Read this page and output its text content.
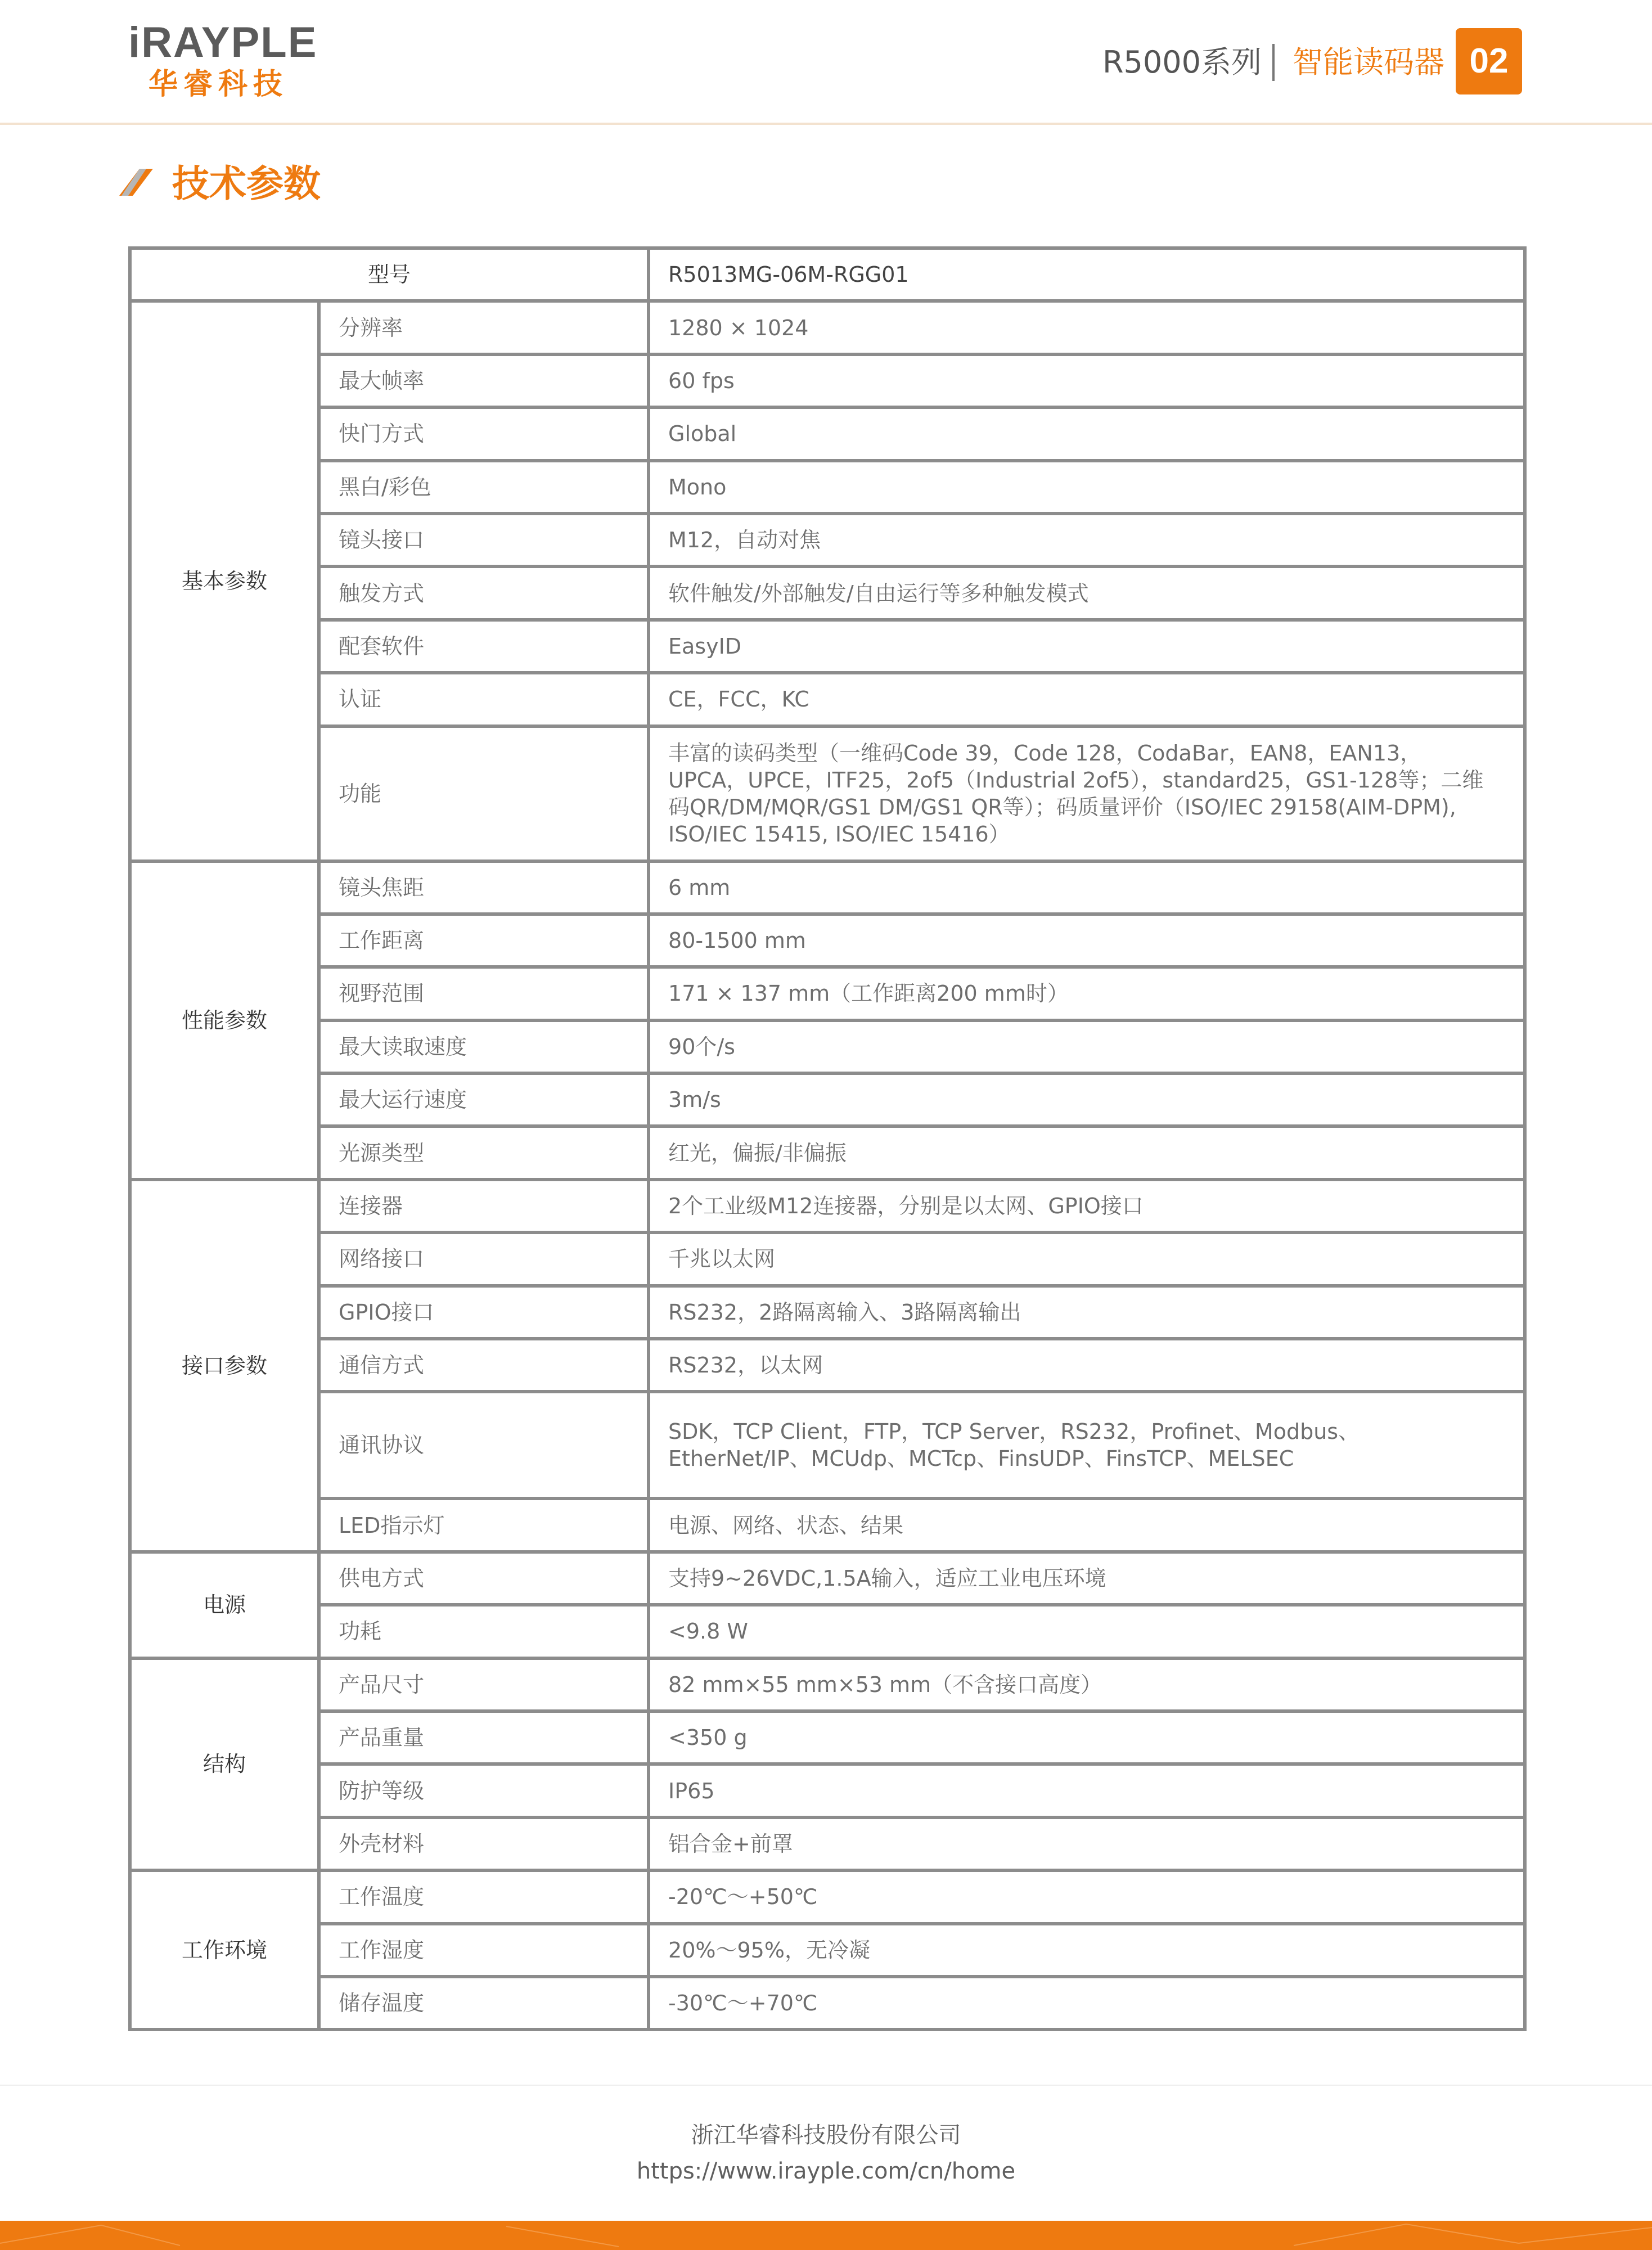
iRAYPLE
华睿科技
R5000系列 智能读码器 02
技术参数
型号		R5013MG-06M-RGG01
基本参数	分辨率	1280 × 1024
	最大帧率	60 fps
	快门方式	Global
	黑白/彩色	Mono
	镜头接口	M12，自动对焦
	触发方式	软件触发/外部触发/自由运行等多种触发模式
	配套软件	EasyID
	认证	CE，FCC，KC
	功能	丰富的读码类型（一维码Code 39，Code 128，CodaBar，EAN8，EAN13，UPCA，UPCE，ITF25，2of5（Industrial 2of5），standard25，GS1-128等；二维码QR/DM/MQR/GS1 DM/GS1 QR等）；码质量评价（ISO/IEC 29158(AIM-DPM), ISO/IEC 15415, ISO/IEC 15416）
性能参数	镜头焦距	6 mm
	工作距离	80-1500 mm
	视野范围	171 × 137 mm（工作距离200 mm时）
	最大读取速度	90个/s
	最大运行速度	3m/s
	光源类型	红光，偏振/非偏振
接口参数	连接器	2个工业级M12连接器，分别是以太网、GPIO接口
	网络接口	千兆以太网
	GPIO接口	RS232，2路隔离输入、3路隔离输出
	通信方式	RS232，以太网
	通讯协议	SDK，TCP Client，FTP，TCP Server，RS232，Profinet、Modbus、EtherNet/IP、MCUdp、MCTcp、FinsUDP、FinsTCP、MELSEC
	LED指示灯	电源、网络、状态、结果
电源	供电方式	支持9~26VDC,1.5A输入，适应工业电压环境
	功耗	<9.8 W
结构	产品尺寸	82 mm×55 mm×53 mm（不含接口高度）
	产品重量	<350 g
	防护等级	IP65
	外壳材料	铝合金+前罩
工作环境	工作温度	-20℃～+50℃
	工作湿度	20%～95%，无冷凝
	储存温度	-30℃～+70℃
浙江华睿科技股份有限公司
https://www.irayple.com/cn/home
